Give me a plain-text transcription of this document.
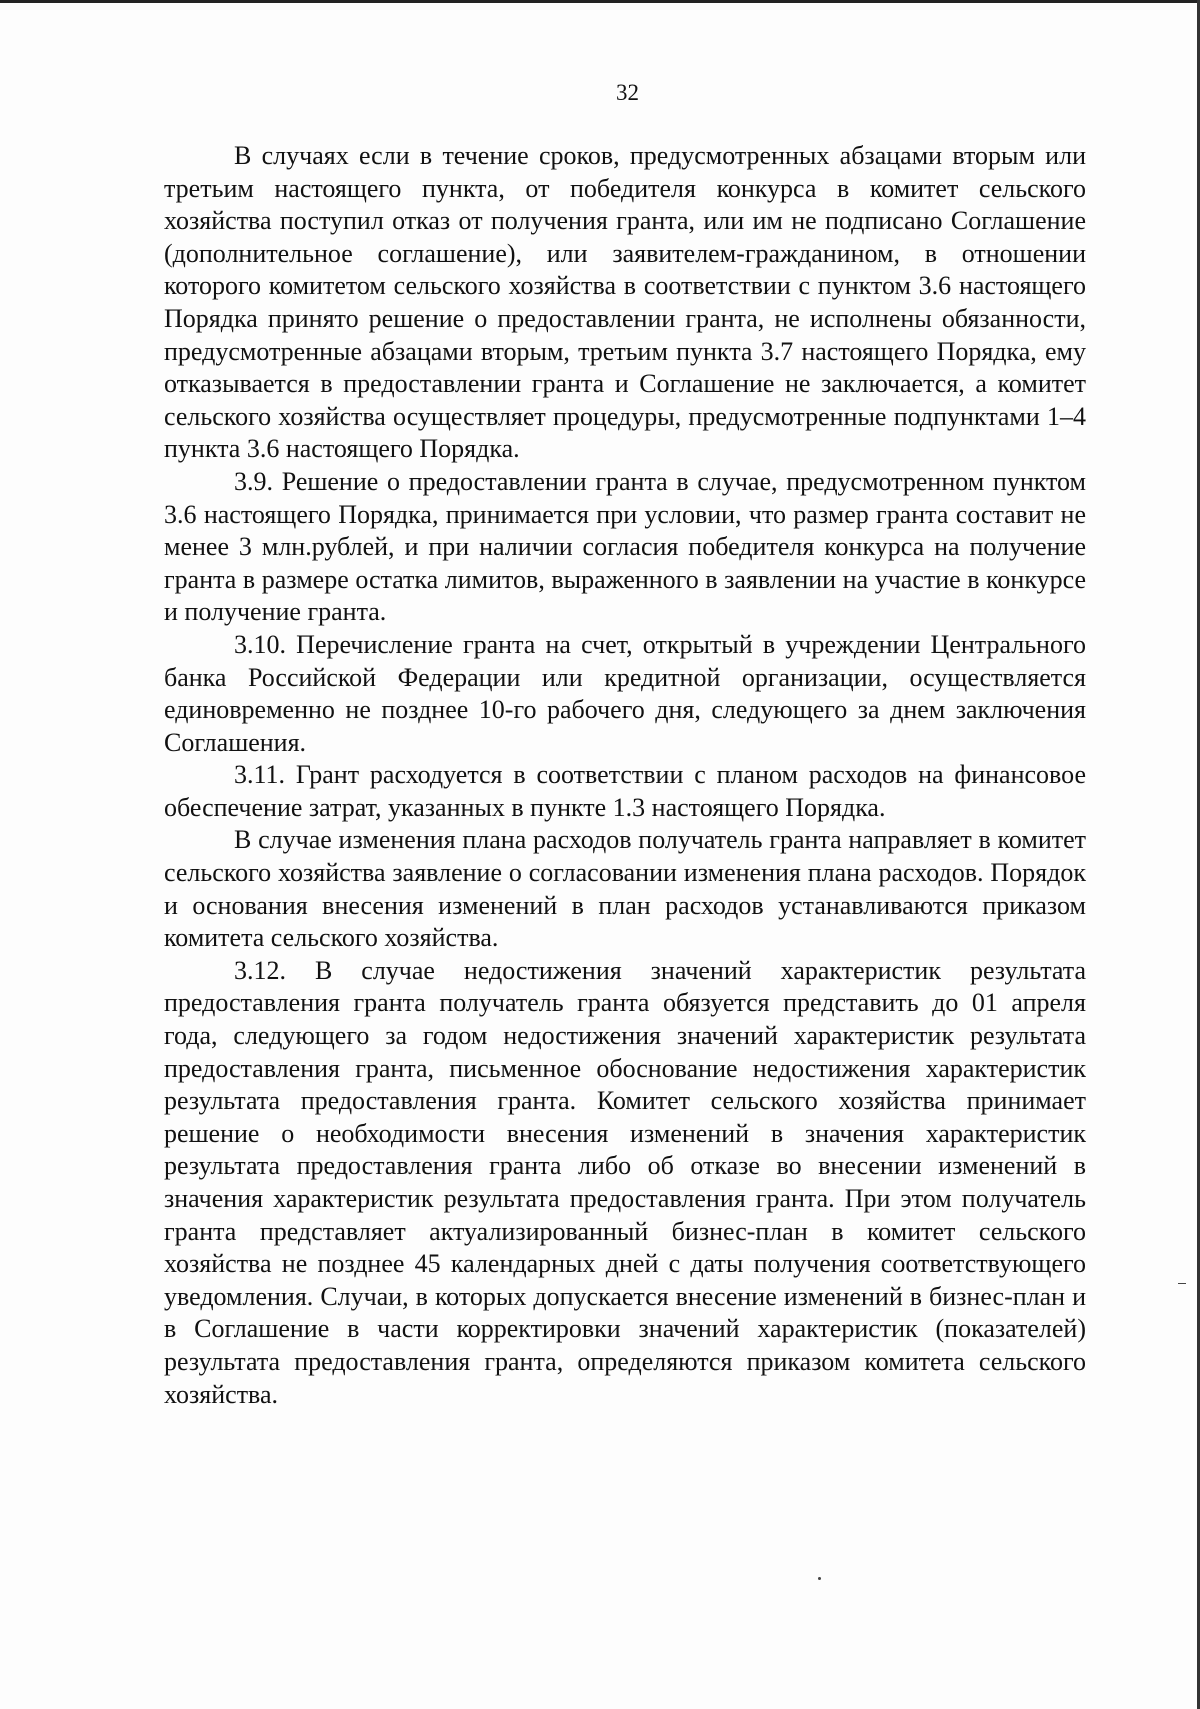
32

В случаях если в течение сроков, предусмотренных абзацами вторым или третьим настоящего пункта, от победителя конкурса в комитет сельского хозяйства поступил отказ от получения гранта, или им не подписано Соглашение (дополнительное соглашение), или заявителем-гражданином, в отношении которого комитетом сельского хозяйства в соответствии с пунктом 3.6 настоящего Порядка принято решение о предоставлении гранта, не исполнены обязанности, предусмотренные абзацами вторым, третьим пункта 3.7 настоящего Порядка, ему отказывается в предоставлении гранта и Соглашение не заключается, а комитет сельского хозяйства осуществляет процедуры, предусмотренные подпунктами 1–4 пункта 3.6 настоящего Порядка.

3.9. Решение о предоставлении гранта в случае, предусмотренном пунктом 3.6 настоящего Порядка, принимается при условии, что размер гранта составит не менее 3 млн.рублей, и при наличии согласия победителя конкурса на получение гранта в размере остатка лимитов, выраженного в заявлении на участие в конкурсе и получение гранта.

3.10. Перечисление гранта на счет, открытый в учреждении Центрального банка Российской Федерации или кредитной организации, осуществляется единовременно не позднее 10-го рабочего дня, следующего за днем заключения Соглашения.

3.11. Грант расходуется в соответствии с планом расходов на финансовое обеспечение затрат, указанных в пункте 1.3 настоящего Порядка.

В случае изменения плана расходов получатель гранта направляет в комитет сельского хозяйства заявление о согласовании изменения плана расходов. Порядок и основания внесения изменений в план расходов устанавливаются приказом комитета сельского хозяйства.

3.12. В случае недостижения значений характеристик результата предоставления гранта получатель гранта обязуется представить до 01 апреля года, следующего за годом недостижения значений характеристик результата предоставления гранта, письменное обоснование недостижения характеристик результата предоставления гранта. Комитет сельского хозяйства принимает решение о необходимости внесения изменений в значения характеристик результата предоставления гранта либо об отказе во внесении изменений в значения характеристик результата предоставления гранта. При этом получатель гранта представляет актуализированный бизнес-план в комитет сельского хозяйства не позднее 45 календарных дней с даты получения соответствующего уведомления. Случаи, в которых допускается внесение изменений в бизнес-план и в Соглашение в части корректировки значений характеристик (показателей) результата предоставления гранта, определяются приказом комитета сельского хозяйства.
